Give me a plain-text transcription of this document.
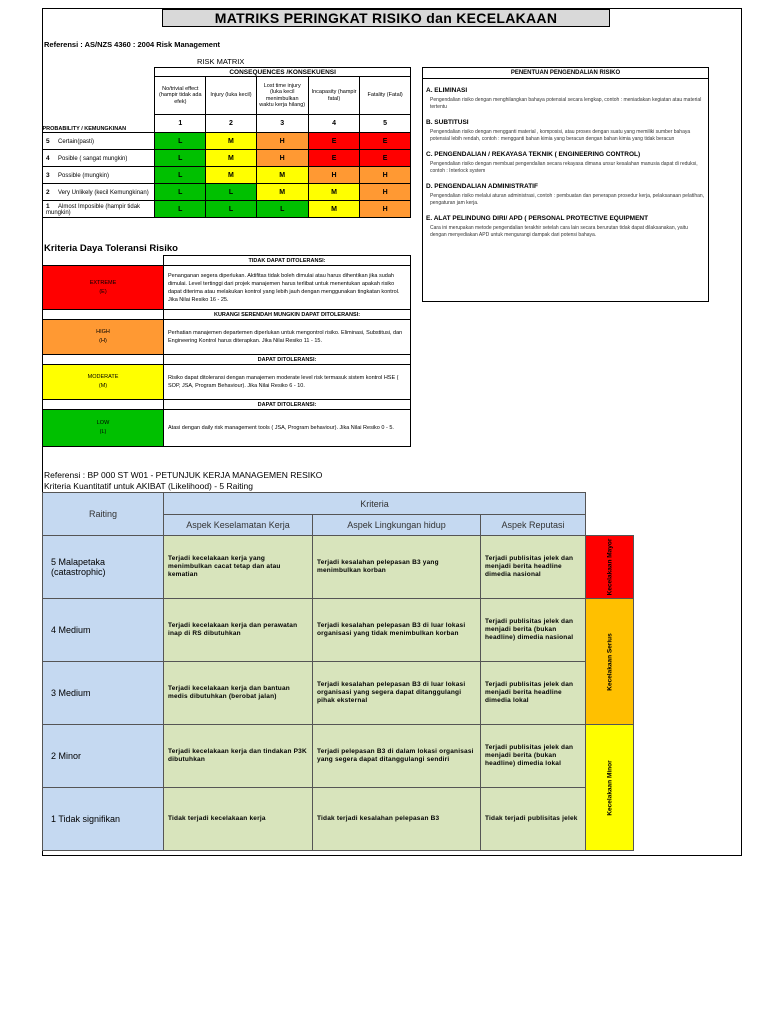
MATRIKS PERINGKAT RISIKO dan KECELAKAAN
Referensi : AS/NZS 4360 : 2004 Risk Management
RISK MATRIX
PROBABILITY / KEMUNGKINAN	CONSEQUENCES /KONSEKUENSI				
	No/trivial effect (hampir tidak ada efek)	Injury (luka kecil)	Lost time injury (luka kecil menimbulkan waktu kerja hilang)	Incapasity (hampir fatal)	Fatality (Fatal)
	1	2	3	4	5
5 Certain(pasti)	L	M	H	E	E
4 Posible ( sangat mungkin)	L	M	H	E	E
3 Possible (mungkin)	L	M	M	H	H
2 Very Unlikely (kecil Kemungkinan)	L	L	M	M	H
1 Almost Imposible (hampir tidak mungkin)	L	L	L	M	H
Kriteria Daya Toleransi Risiko
	TIDAK DAPAT DITOLERANSI:

EXTREME
(E)	Penanganan segera diperlukan. Aktifitas tidak boleh dimulai atau harus dihentikan jika sudah dimulai. Level tertinggi dari projek manajemen harus terlibat untuk menentukan apakah risiko dapat diterima atau melakukan kontrol yang lebih jauh dengan menggunakan tingkatan kontrol. Jika Nilai Resiko 16 - 25.
	KURANGI SERENDAH MUNGKIN DAPAT DITOLERANSI:

HIGH
(H)	Perhatian manajemen departemen diperlukan untuk mengontrol risiko. Eliminasi, Substitusi, dan Engineering Kontrol harus diterapkan. Jika Nilai Resiko 11 - 15.
	DAPAT DITOLERANSI:

MODERATE
(M)	Risiko dapat ditoleransi dengan manajemen moderate level risk termasuk sistem kontrol HSE ( SOP, JSA, Program Behaviour). Jika Nilai Resiko 6 - 10.
	DAPAT DITOLERANSI:

LOW
(L)	Atasi dengan daily risk management tools ( JSA, Program behaviour). Jika Nilai Resiko 0 - 5.
PENENTUAN PENGENDALIAN RISIKO
A. ELIMINASI
Pengendalian risiko dengan menghilangkan bahaya potensial secara lengkap, contoh : meniadakan kegiatan atau material tertentu
B. SUBTITUSI
Pengendalian risiko dengan mengganti material , komposisi, atau proses dengan suatu yang memiliki sumber bahaya potensial lebih rendah, contoh : mengganti bahan kimia yang beracun dengan bahan kimia yang tidak beracun
C. PENGENDALIAN / REKAYASA TEKNIK ( ENGINEERING CONTROL)
Pengendalian risiko dengan membuat pengendalian secara rekayasa dimana unsur kesalahan manusia dapat di reduksi, contoh : Interlock system
D. PENGENDALIAN ADMINISTRATIF
Pengendalian risiko melalui aturan administrasi, contoh : pembuatan dan penerapan prosedur kerja, pelaksanaan pelatihan, pengaturan jam kerja.
E. ALAT PELINDUNG DIRI/ APD ( PERSONAL PROTECTIVE EQUIPMENT
Cara ini merupakan metode pengendalian terakhir setelah cara lain secara berurutan tidak dapat dilaksanakan, yaitu dengan menyediakan APD untuk mengurangi dampak dari potensi bahaya.
Referensi : BP 000 ST W01 - PETUNJUK KERJA MANAGEMEN RESIKO
Kriteria Kuantitatif untuk AKIBAT (Likelihood) - 5 Raiting
Raiting	Kriteria			
	Aspek Keselamatan Kerja	Aspek Lingkungan hidup	Aspek Reputasi	
5 Malapetaka
(catastrophic)	Terjadi kecelakaan kerja yang menimbulkan cacat tetap dan atau kematian	Terjadi kesalahan pelepasan B3 yang menimbulkan korban	Terjadi publisitas jelek dan menjadi berita headline dimedia nasional	Kecelakaan Mayor

4 Medium	Terjadi kecelakaan kerja dan perawatan inap di RS dibutuhkan	Terjadi kesalahan pelepasan B3 di luar lokasi organisasi yang tidak menimbulkan korban	Terjadi publisitas jelek dan menjadi berita (bukan headline) dimedia nasional	Kecelakaan Serius

3 Medium	Terjadi kecelakaan kerja dan bantuan medis dibutuhkan (berobat jalan)	Terjadi kesalahan pelepasan B3 di luar lokasi organisasi yang segera dapat ditanggulangi pihak eksternal	Terjadi publisitas jelek dan menjadi berita headline dimedia lokal	
2 Minor	Terjadi kecelakaan kerja dan tindakan P3K dibutuhkan	Terjadi pelepasan B3 di dalam lokasi organisasi yang segera dapat ditanggulangi sendiri	Terjadi publisitas jelek dan menjadi berita (bukan headline) dimedia lokal	Kecelakaan Minor

1 Tidak signifikan	Tidak terjadi kecelakaan kerja	Tidak terjadi kesalahan pelepasan B3	Tidak terjadi publisitas jelek	
